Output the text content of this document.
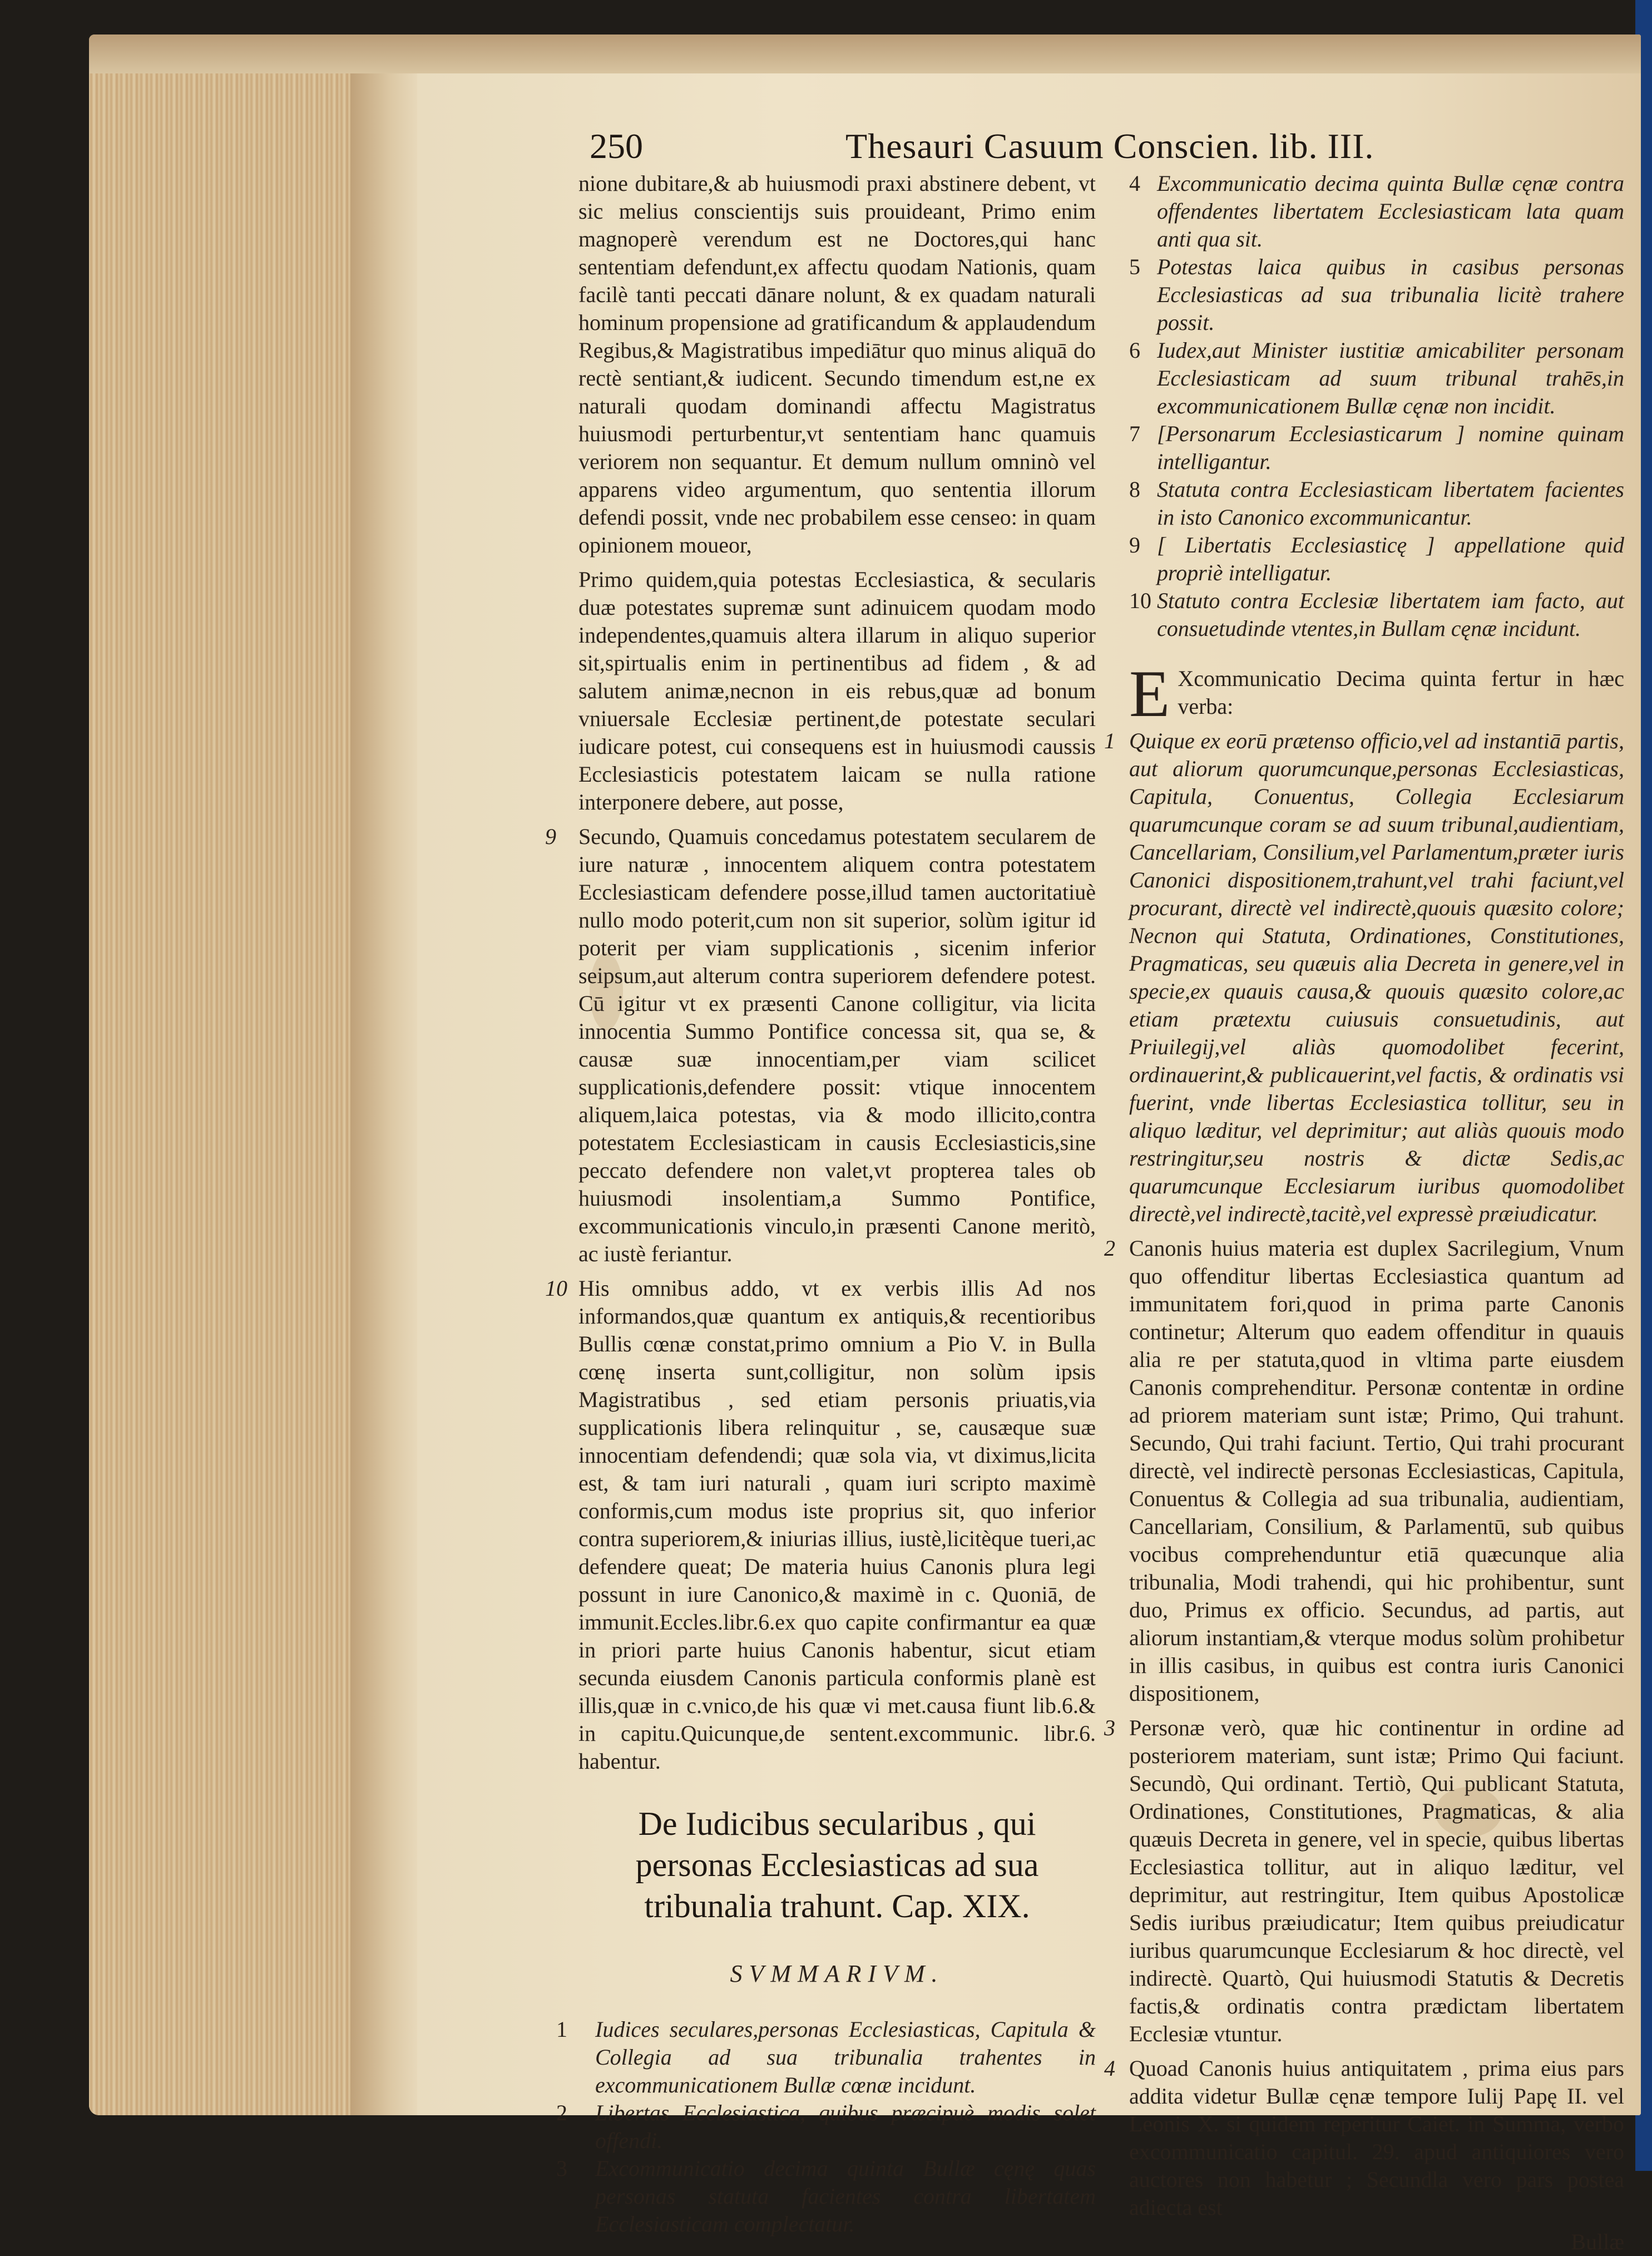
250	Thesauri Casuum Conscien. lib. III.

nione dubitare,& ab huiusmodi praxi abstinere debent, vt sic melius conscientijs suis prouideant, Primo enim magnoperè verendum est ne Doctores,qui hanc sententiam defendunt,ex affectu quodam Nationis, quam facilè tanti peccati dānare nolunt, & ex quadam naturali hominum propensione ad gratificandum & applaudendum Regibus,& Magistratibus impediātur quo minus aliquā do rectè sentiant,& iudicent. Secundo timendum est,ne ex naturali quodam dominandi affectu Magistratus huiusmodi perturbentur,vt sententiam hanc quamuis veriorem non sequantur. Et demum nullum omninò vel apparens video argumentum, quo sententia illorum defendi possit, vnde nec probabilem esse censeo: in quam opinionem moueor,

Primo quidem,quia potestas Ecclesiastica, & secularis duæ potestates supremæ sunt adinuicem quodam modo independentes,quamuis altera illarum in aliquo superior sit,spirtualis enim in pertinentibus ad fidem , & ad salutem animæ,necnon in eis rebus,quæ ad bonum vniuersale Ecclesiæ pertinent,de potestate seculari iudicare potest, cui consequens est in huiusmodi caussis Ecclesiasticis potestatem laicam se nulla ratione interponere debere, aut posse,

9 Secundo, Quamuis concedamus potestatem secularem de iure naturæ , innocentem aliquem contra potestatem Ecclesiasticam defendere posse,illud tamen auctoritatiuè nullo modo poterit,cum non sit superior, solùm igitur id poterit per viam supplicationis , sicenim inferior seipsum,aut alterum contra superiorem defendere potest. Cū igitur vt ex præsenti Canone colligitur, via licita innocentia Summo Pontifice concessa sit, qua se, & causæ suæ innocentiam,per viam scilicet supplicationis,defendere possit: vtique innocentem aliquem,laica potestas, via & modo illicito,contra potestatem Ecclesiasticam in causis Ecclesiasticis,sine peccato defendere non valet,vt propterea tales ob huiusmodi insolentiam,a Summo Pontifice, excommunicationis vinculo,in præsenti Canone meritò, ac iustè feriantur.

10 His omnibus addo, vt ex verbis illis Ad nos informandos,quæ quantum ex antiquis,& recentioribus Bullis cœnæ constat,primo omnium a Pio V. in Bulla cœnę inserta sunt,colligitur, non solùm ipsis Magistratibus , sed etiam personis priuatis,via supplicationis libera relinquitur , se, causæque suæ innocentiam defendendi; quæ sola via, vt diximus,licita est, & tam iuri naturali , quam iuri scripto maximè conformis,cum modus iste proprius sit, quo inferior contra superiorem,& iniurias illius, iustè,licitèque tueri,ac defendere queat; De materia huius Canonis plura legi possunt in iure Canonico,& maximè in c. Quoniā, de immunit.Eccles.libr.6.ex quo capite confirmantur ea quæ in priori parte huius Canonis habentur, sicut etiam secunda eiusdem Canonis particula conformis planè est illis,quæ in c.vnico,de his quæ vi met.causa fiunt lib.6.& in capitu.Quicunque,de sentent.excommunic. libr.6. habentur.

De Iudicibus secularibus , qui personas Ecclesiasticas ad sua tribunalia trahunt. Cap. XIX.
SVMMARIVM.

1 Iudices seculares,personas Ecclesiasticas, Capitula & Collegia ad sua tribunalia trahentes in excommunicationem Bullæ cœnæ incidunt.

2 Libertas Ecclesiastica, quibus præcipuè modis solet offendi.

3 Excommunicatio decima quinta Bullæ cęnę quas personas statuta facientes contra libertatem Ecclesiasticam complectatur.

4 Excommunicatio decima quinta Bullæ cęnæ contra offendentes libertatem Ecclesiasticam lata quam anti qua sit.

5 Potestas laica quibus in casibus personas Ecclesiasticas ad sua tribunalia licitè trahere possit.

6 Iudex,aut Minister iustitiæ amicabiliter personam Ecclesiasticam ad suum tribunal trahēs,in excommunicationem Bullæ cęnæ non incidit.

7 [Personarum Ecclesiasticarum ] nomine quinam intelligantur.

8 Statuta contra Ecclesiasticam libertatem facientes in isto Canonico excommunicantur.

9 [ Libertatis Ecclesiasticę ] appellatione quid propriè intelligatur.

10 Statuto contra Ecclesiæ libertatem iam facto, aut consuetudinde vtentes,in Bullam cęnæ incidunt.

E Xcommunicatio Decima quinta fertur in hæc verba:

1 Quique ex eorū prætenso officio,vel ad instantiā partis, aut aliorum quorumcunque,personas Ecclesiasticas, Capitula, Conuentus, Collegia Ecclesiarum quarumcunque coram se ad suum tribunal,audientiam, Cancellariam, Consilium,vel Parlamentum,præter iuris Canonici dispositionem,trahunt,vel trahi faciunt,vel procurant, directè vel indirectè,quouis quæsito colore; Necnon qui Statuta, Ordinationes, Constitutiones, Pragmaticas, seu quæuis alia Decreta in genere,vel in specie,ex quauis causa,& quouis quæsito colore,ac etiam prætextu cuiusuis consuetudinis, aut Priuilegij,vel aliàs quomodolibet fecerint, ordinauerint,& publicauerint,vel factis, & ordinatis vsi fuerint, vnde libertas Ecclesiastica tollitur, seu in aliquo læditur, vel deprimitur; aut aliàs quouis modo restringitur,seu nostris & dictæ Sedis,ac quarumcunque Ecclesiarum iuribus quomodolibet directè,vel indirectè,tacitè,vel expressè præiudicatur.

2 Canonis huius materia est duplex Sacrilegium, Vnum quo offenditur libertas Ecclesiastica quantum ad immunitatem fori,quod in prima parte Canonis continetur; Alterum quo eadem offenditur in quauis alia re per statuta,quod in vltima parte eiusdem Canonis comprehenditur. Personæ contentæ in ordine ad priorem materiam sunt istæ; Primo, Qui trahunt. Secundo, Qui trahi faciunt. Tertio, Qui trahi procurant directè, vel indirectè personas Ecclesiasticas, Capitula, Conuentus & Collegia ad sua tribunalia, audientiam, Cancellariam, Consilium, & Parlamentū, sub quibus vocibus comprehenduntur etiā quæcunque alia tribunalia, Modi trahendi, qui hic prohibentur, sunt duo, Primus ex officio. Secundus, ad partis, aut aliorum instantiam,& vterque modus solùm prohibetur in illis casibus, in quibus est contra iuris Canonici dispositionem,

3 Personæ verò, quæ hic continentur in ordine ad posteriorem materiam, sunt istæ; Primo Qui faciunt. Secundò, Qui ordinant. Tertiò, Qui publicant Statuta, Ordinationes, Constitutiones, Pragmaticas, & alia quæuis Decreta in genere, vel in specie, quibus libertas Ecclesiastica tollitur, aut in aliquo læditur, vel deprimitur, aut restringitur, Item quibus Apostolicæ Sedis iuribus præiudicatur; Item quibus preiudicatur iuribus quarumcunque Ecclesiarum & hoc directè, vel indirectè. Quartò, Qui huiusmodi Statutis & Decretis factis,& ordinatis contra prædictam libertatem Ecclesiæ vtuntur.

4 Quoad Canonis huius antiquitatem , prima eius pars addita videtur Bullæ cęnæ tempore Iulij Papę II. vel Leonis X. si quidem reperitur Caiet. in Summa, verbo excommunicatio capitul. 29. apud antiquiores vero auctores non habetur ; Secundla vero pars postea adiecta est

Bullæ
